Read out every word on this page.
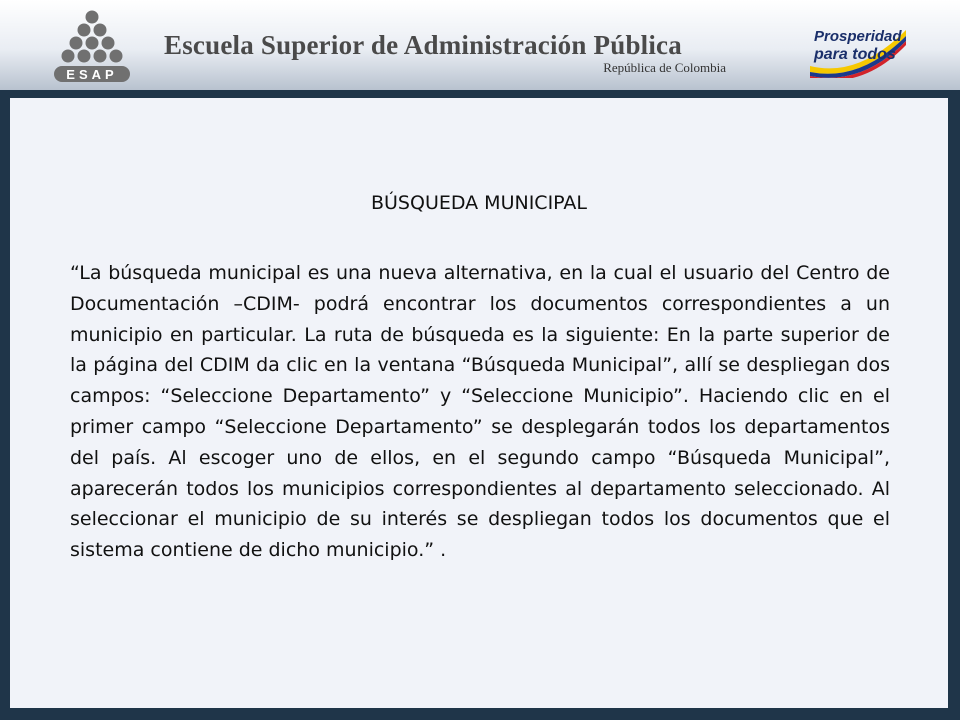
ESAP
Escuela Superior de Administración Pública
República de Colombia
Prosperidad
para todos
BÚSQUEDA MUNICIPAL

“La búsqueda municipal es una nueva alternativa, en la cual el usuario del Centro de Documentación –CDIM- podrá encontrar los documentos correspondientes a un municipio en particular. La ruta de búsqueda es la siguiente: En la parte superior de la página del CDIM da clic en la ventana “Búsqueda Municipal”, allí se despliegan dos campos: “Seleccione Departamento” y “Seleccione Municipio”. Haciendo clic en el primer campo “Seleccione Departamento” se desplegarán todos los departamentos del país. Al escoger uno de ellos, en el segundo campo “Búsqueda Municipal”, aparecerán todos los municipios correspondientes al departamento seleccionado. Al seleccionar el municipio de su interés se despliegan todos los documentos que el sistema contiene de dicho municipio.” .
